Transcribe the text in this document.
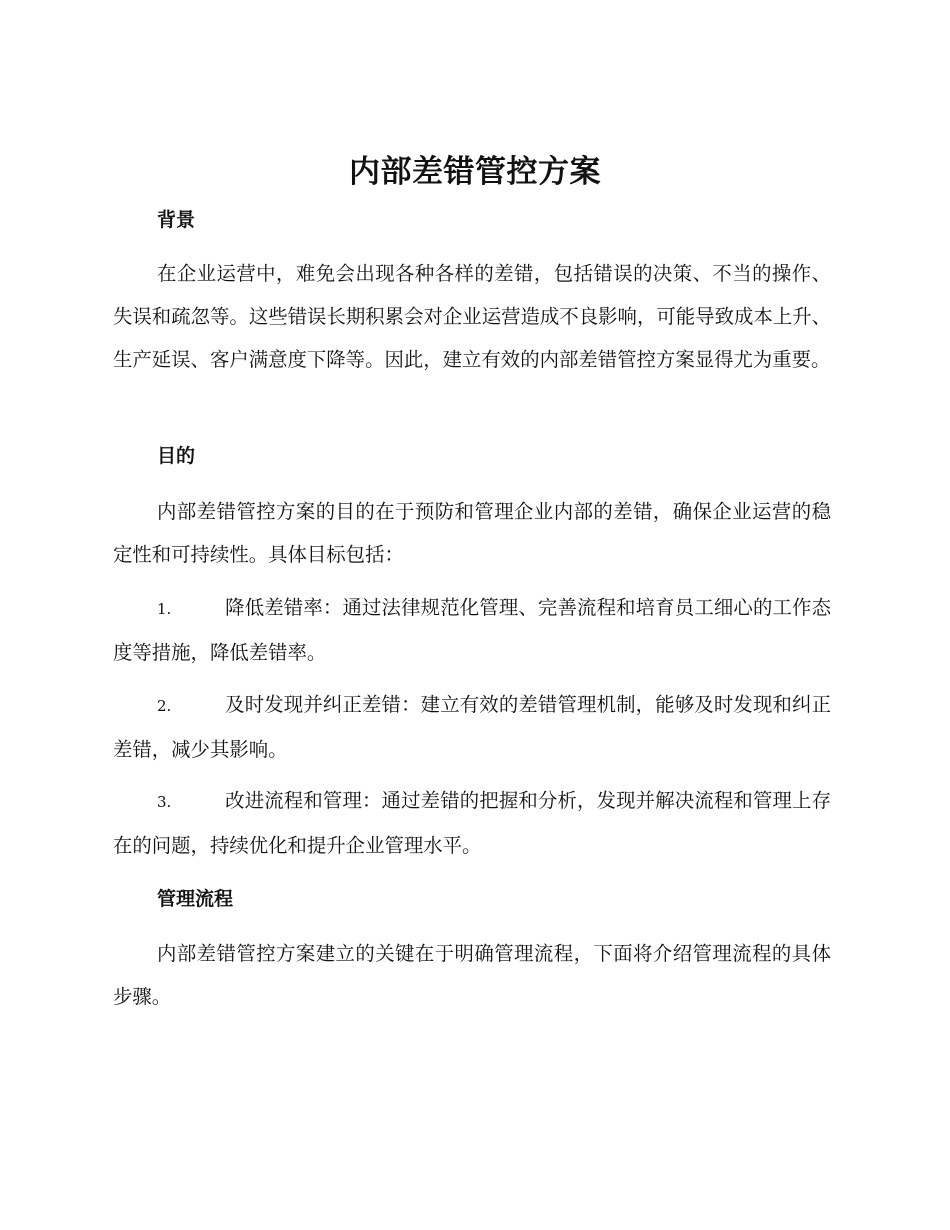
内部差错管控方案
背景

在企业运营中，难免会出现各种各样的差错，包括错误的决策、不当的操作、失误和疏忽等。这些错误长期积累会对企业运营造成不良影响，可能导致成本上升、生产延误、客户满意度下降等。因此，建立有效的内部差错管控方案显得尤为重要。

目的

内部差错管控方案的目的在于预防和管理企业内部的差错，确保企业运营的稳定性和可持续性。具体目标包括：

1.	降低差错率：通过法律规范化管理、完善流程和培育员工细心的工作态度等措施，降低差错率。

2.	及时发现并纠正差错：建立有效的差错管理机制，能够及时发现和纠正差错，减少其影响。

3.	改进流程和管理：通过差错的把握和分析，发现并解决流程和管理上存在的问题，持续优化和提升企业管理水平。

管理流程

内部差错管控方案建立的关键在于明确管理流程，下面将介绍管理流程的具体步骤。
